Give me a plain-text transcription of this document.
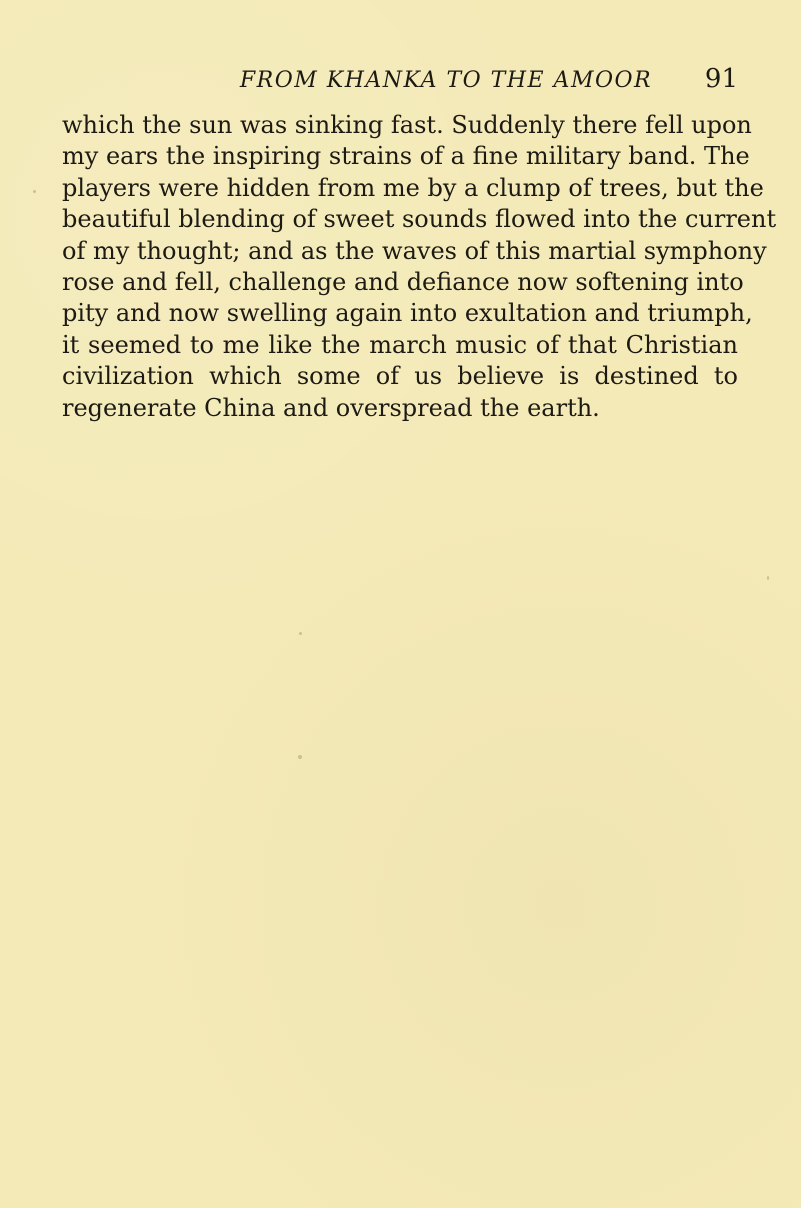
FROM KHANKA TO THE AMOOR	91
which the sun was sinking fast. Suddenly there fell upon
my ears the inspiring strains of a fine military band. The
players were hidden from me by a clump of trees, but the
beautiful blending of sweet sounds flowed into the current
of my thought; and as the waves of this martial symphony
rose and fell, challenge and defiance now softening into
pity and now swelling again into exultation and triumph,
it seemed to me like the march music of that Christian
civilization which some of us believe is destined to
regenerate China and overspread the earth.
